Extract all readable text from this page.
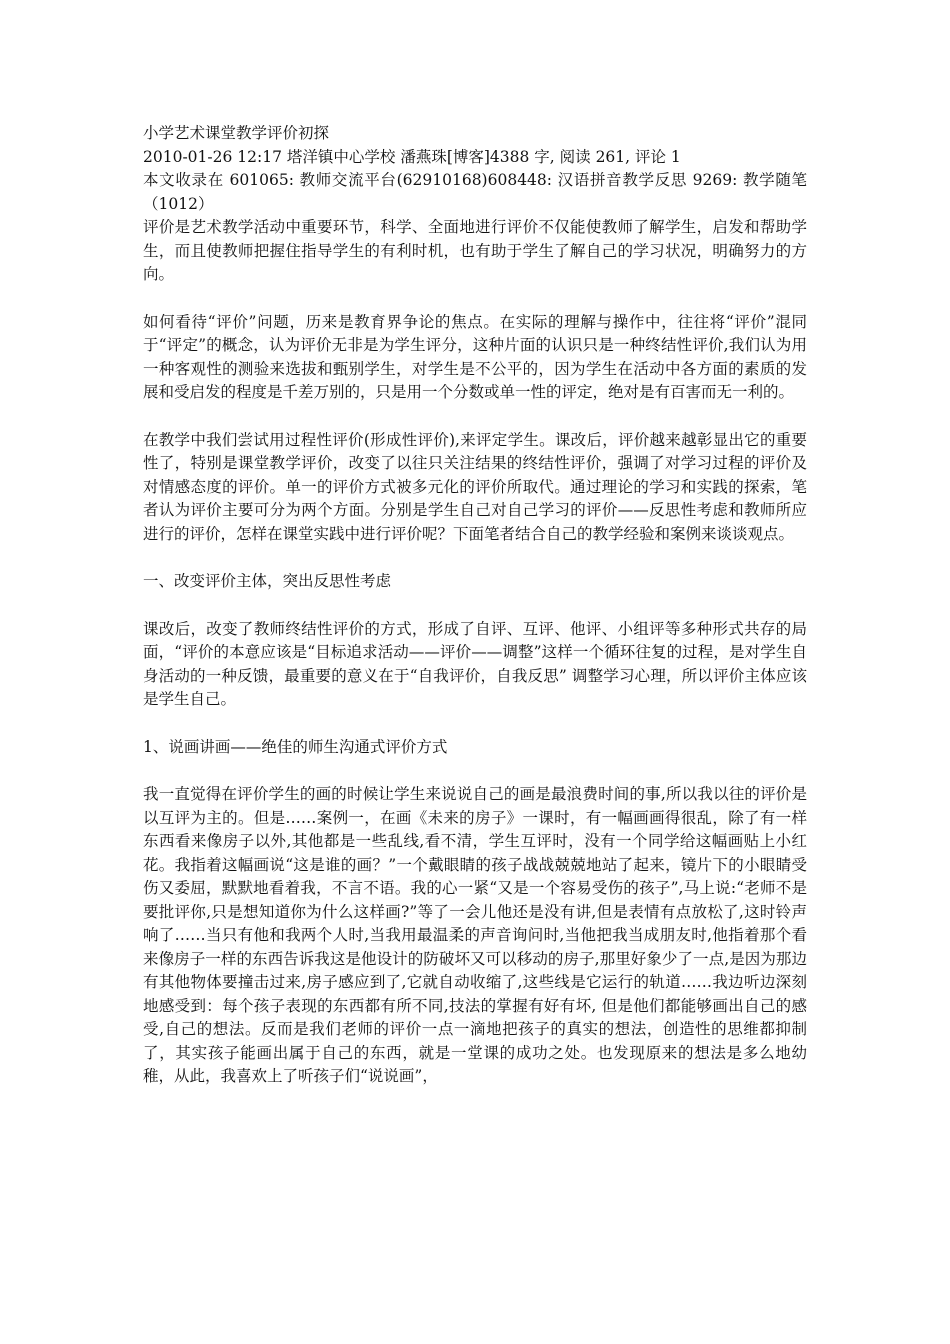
小学艺术课堂教学评价初探

2010-01-26 12:17 塔洋镇中心学校 潘燕珠[博客]4388 字, 阅读 261, 评论 1

本文收录在 601065: 教师交流平台(62910168)608448: 汉语拼音教学反思 9269: 教学随笔（1012）

评价是艺术教学活动中重要环节，科学、全面地进行评价不仅能使教师了解学生，启发和帮助学生，而且使教师把握住指导学生的有利时机，也有助于学生了解自己的学习状况，明确努力的方向。

如何看待“评价”问题，历来是教育界争论的焦点。在实际的理解与操作中，往往将“评价”混同于“评定”的概念，认为评价无非是为学生评分，这种片面的认识只是一种终结性评价,我们认为用一种客观性的测验来选拔和甄别学生，对学生是不公平的，因为学生在活动中各方面的素质的发展和受启发的程度是千差万别的，只是用一个分数或单一性的评定，绝对是有百害而无一利的。

在教学中我们尝试用过程性评价(形成性评价),来评定学生。课改后，评价越来越彰显出它的重要性了，特别是课堂教学评价，改变了以往只关注结果的终结性评价，强调了对学习过程的评价及对情感态度的评价。单一的评价方式被多元化的评价所取代。通过理论的学习和实践的探索，笔者认为评价主要可分为两个方面。分别是学生自己对自己学习的评价——反思性考虑和教师所应进行的评价，怎样在课堂实践中进行评价呢？下面笔者结合自己的教学经验和案例来谈谈观点。

一、改变评价主体，突出反思性考虑

课改后，改变了教师终结性评价的方式，形成了自评、互评、他评、小组评等多种形式共存的局面，“评价的本意应该是“目标追求活动——评价——调整”这样一个循环往复的过程，是对学生自身活动的一种反馈，最重要的意义在于“自我评价，自我反思” 调整学习心理，所以评价主体应该是学生自己。

1、说画讲画——绝佳的师生沟通式评价方式

我一直觉得在评价学生的画的时候让学生来说说自己的画是最浪费时间的事,所以我以往的评价是以互评为主的。但是……案例一，在画《未来的房子》一课时，有一幅画画得很乱，除了有一样东西看来像房子以外,其他都是一些乱线,看不清，学生互评时，没有一个同学给这幅画贴上小红花。我指着这幅画说“这是谁的画？”一个戴眼睛的孩子战战兢兢地站了起来，镜片下的小眼睛受伤又委屈，默默地看着我，不言不语。我的心一紧“又是一个容易受伤的孩子”,马上说:“老师不是要批评你,只是想知道你为什么这样画?”等了一会儿他还是没有讲,但是表情有点放松了,这时铃声响了……当只有他和我两个人时,当我用最温柔的声音询问时,当他把我当成朋友时,他指着那个看来像房子一样的东西告诉我这是他设计的防破坏又可以移动的房子,那里好象少了一点,是因为那边有其他物体要撞击过来,房子感应到了,它就自动收缩了,这些线是它运行的轨道……我边听边深刻地感受到：每个孩子表现的东西都有所不同,技法的掌握有好有坏, 但是他们都能够画出自己的感受,自己的想法。反而是我们老师的评价一点一滴地把孩子的真实的想法，创造性的思维都抑制了，其实孩子能画出属于自己的东西，就是一堂课的成功之处。也发现原来的想法是多么地幼稚，从此，我喜欢上了听孩子们“说说画”，
